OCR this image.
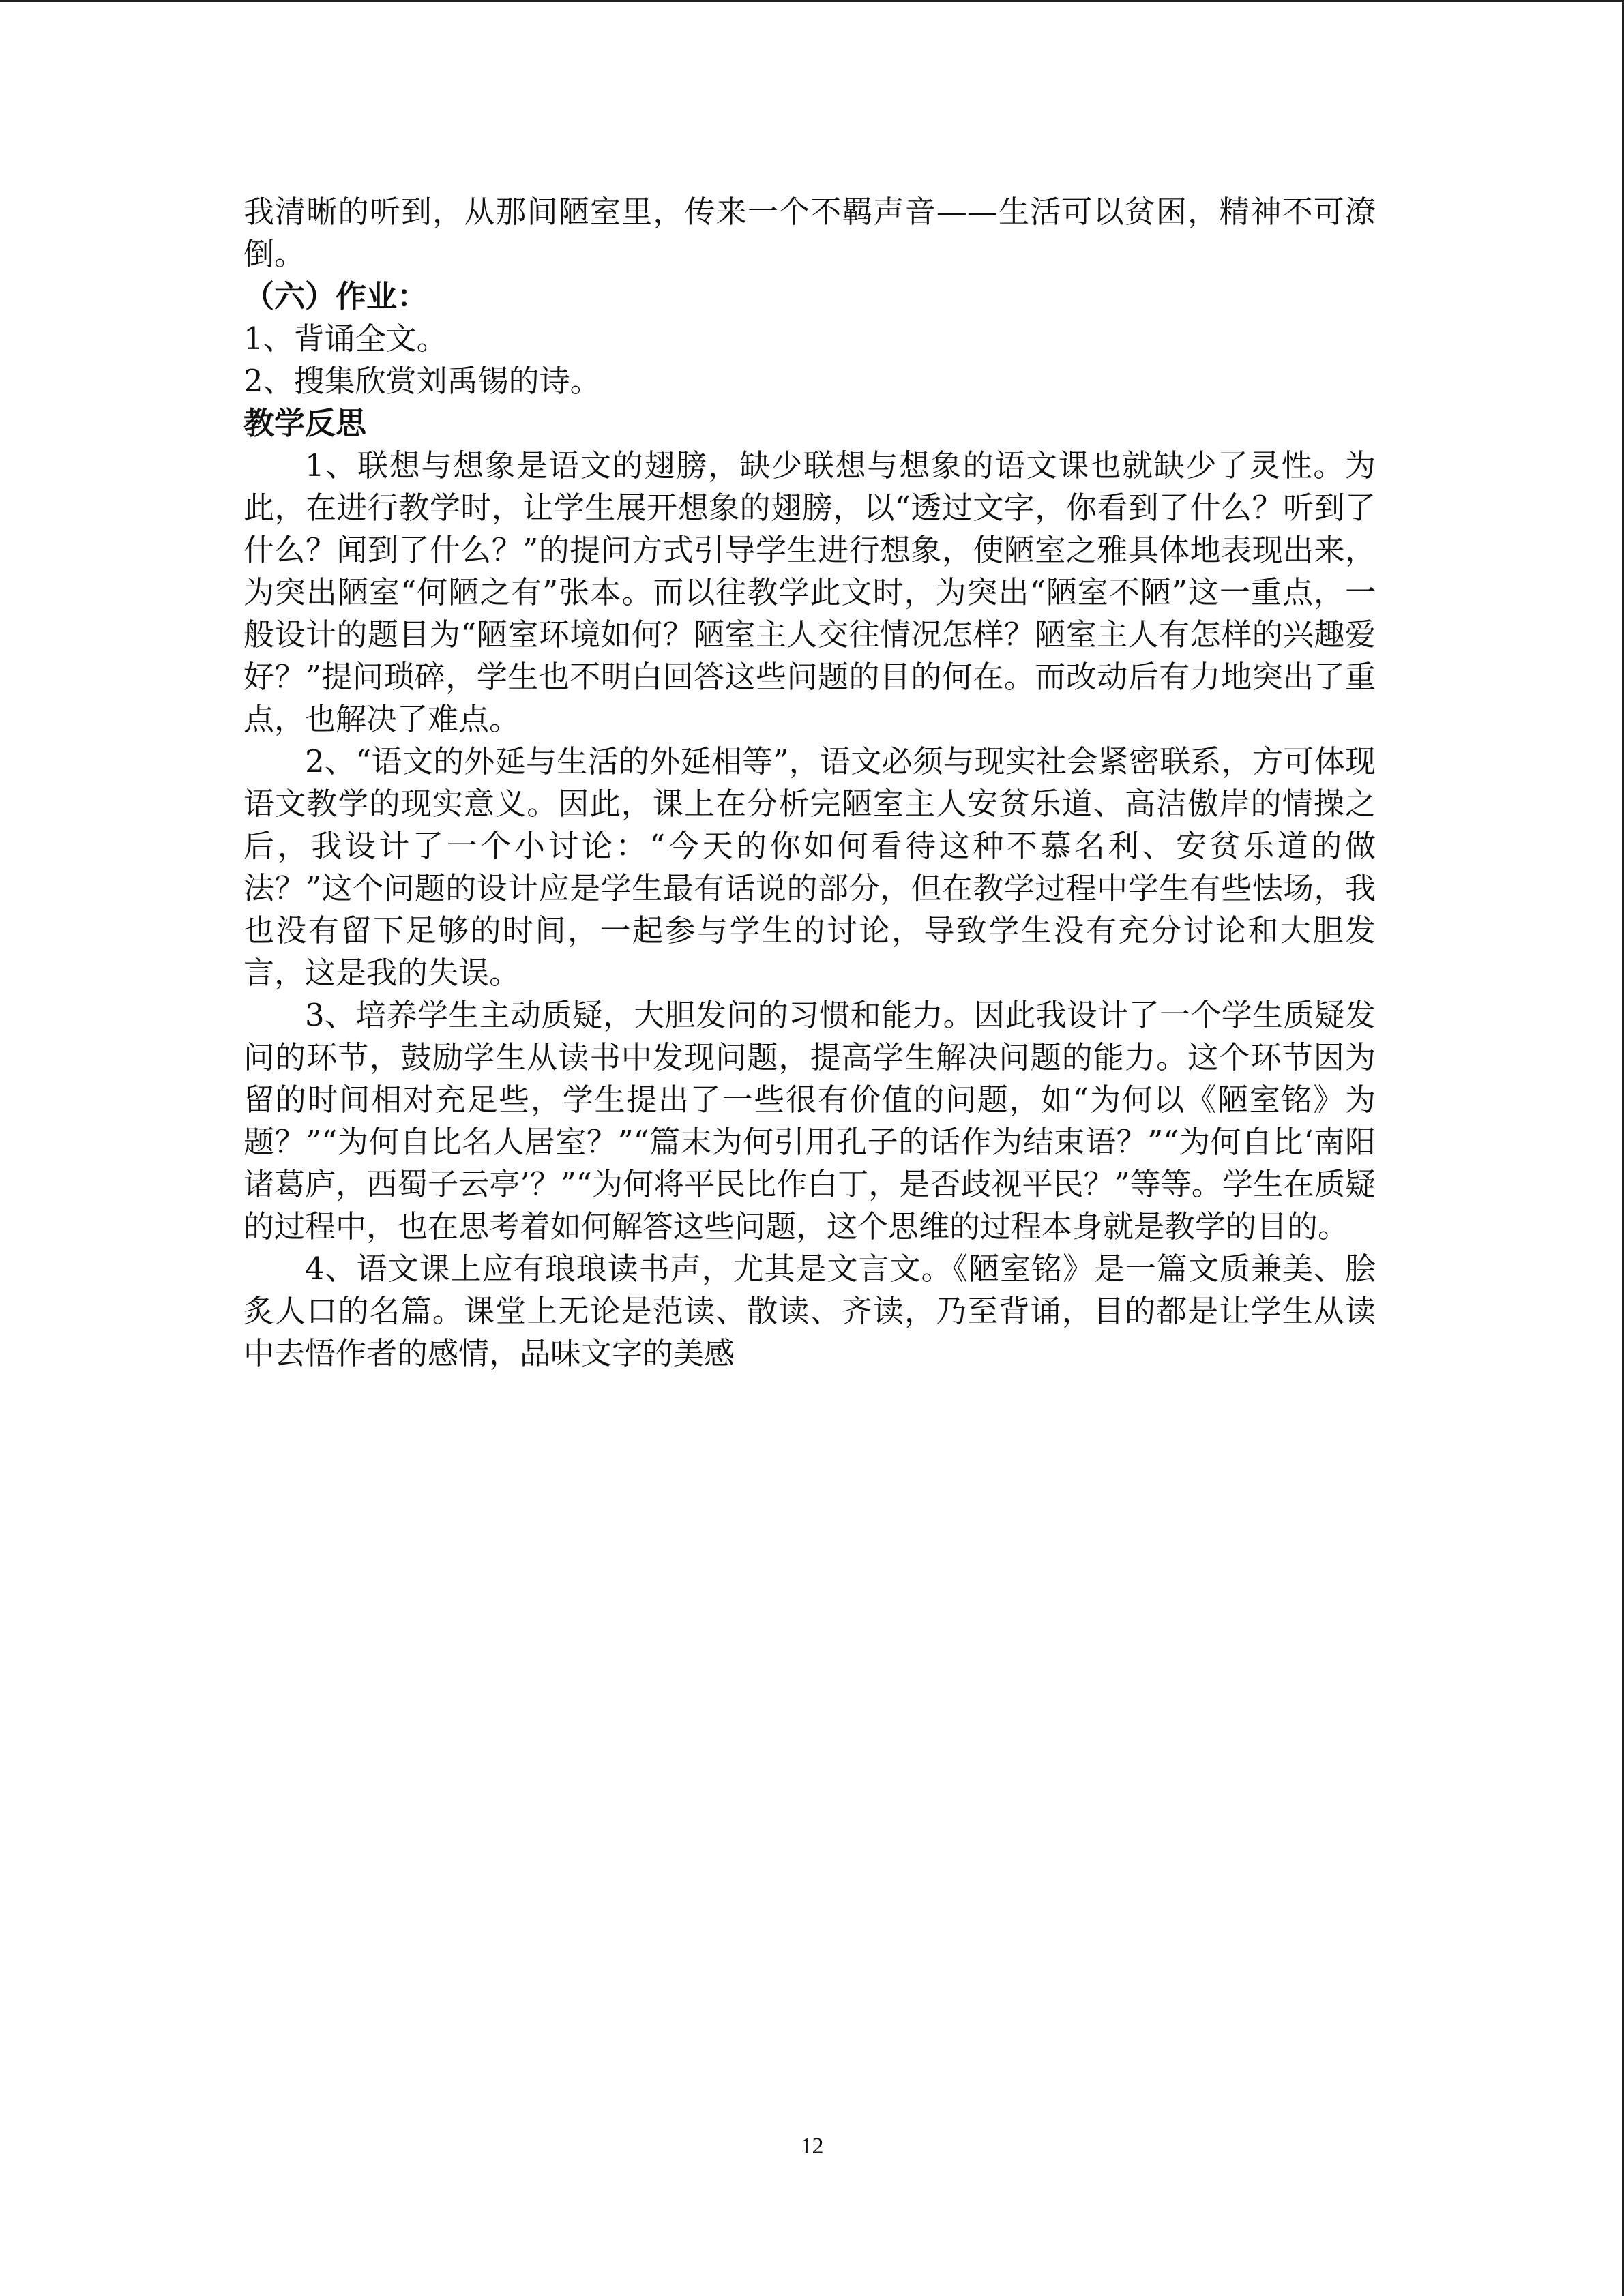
我清晰的听到，从那间陋室里，传来一个不羁声音——生活可以贫困，精神不可潦倒。

（六）作业：

1、背诵全文。

2、搜集欣赏刘禹锡的诗。

教学反思

1、联想与想象是语文的翅膀，缺少联想与想象的语文课也就缺少了灵性。为此，在进行教学时，让学生展开想象的翅膀，以“透过文字，你看到了什么？听到了什么？闻到了什么？”的提问方式引导学生进行想象，使陋室之雅具体地表现出来，为突出陋室“何陋之有”张本。而以往教学此文时，为突出“陋室不陋”这一重点，一般设计的题目为“陋室环境如何？陋室主人交往情况怎样？陋室主人有怎样的兴趣爱好？”提问琐碎，学生也不明白回答这些问题的目的何在。而改动后有力地突出了重点，也解决了难点。

2、“语文的外延与生活的外延相等”，语文必须与现实社会紧密联系，方可体现语文教学的现实意义。因此，课上在分析完陋室主人安贫乐道、高洁傲岸的情操之后，我设计了一个小讨论：“今天的你如何看待这种不慕名利、安贫乐道的做法？”这个问题的设计应是学生最有话说的部分，但在教学过程中学生有些怯场，我也没有留下足够的时间，一起参与学生的讨论，导致学生没有充分讨论和大胆发言，这是我的失误。

3、培养学生主动质疑，大胆发问的习惯和能力。因此我设计了一个学生质疑发问的环节，鼓励学生从读书中发现问题，提高学生解决问题的能力。这个环节因为留的时间相对充足些，学生提出了一些很有价值的问题，如“为何以《陋室铭》为题？”“为何自比名人居室？”“篇末为何引用孔子的话作为结束语？”“为何自比‘南阳诸葛庐，西蜀子云亭’？”“为何将平民比作白丁，是否歧视平民？”等等。学生在质疑的过程中，也在思考着如何解答这些问题，这个思维的过程本身就是教学的目的。

4、语文课上应有琅琅读书声，尤其是文言文。《陋室铭》是一篇文质兼美、脍炙人口的名篇。课堂上无论是范读、散读、齐读，乃至背诵，目的都是让学生从读中去悟作者的感情，品味文字的美感

12
